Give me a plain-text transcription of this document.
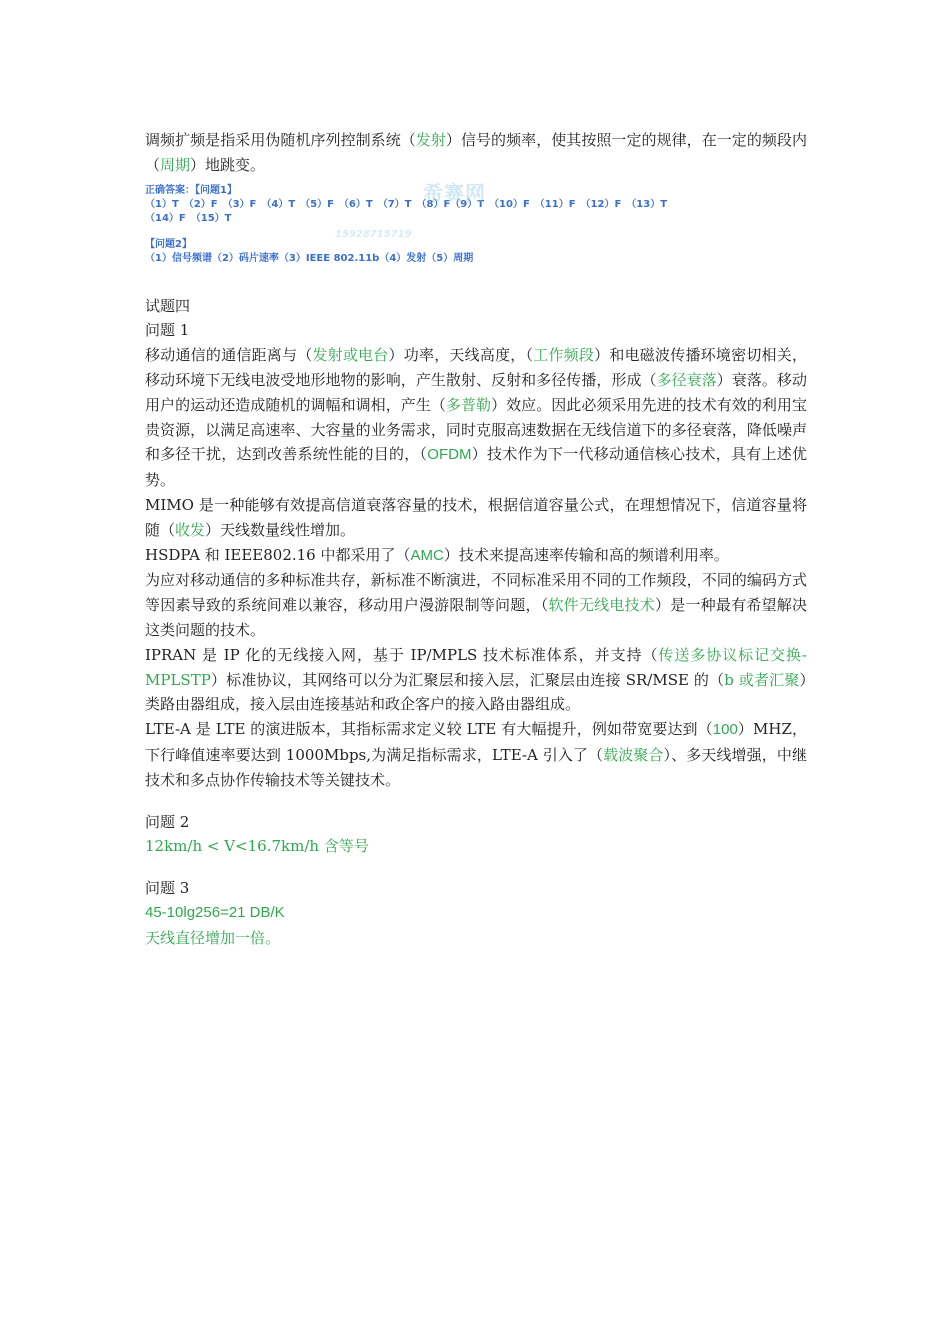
调频扩频是指采用伪随机序列控制系统（发射）信号的频率，使其按照一定的规律，在一定的频段内（周期）地跳变。

希赛网
15928715719
正确答案：【问题1】
（1）T　（2）F　（3）F　（4）T　（5）F　（6）T　（7）T　（8）F（9）T　（10）F　（11）F　（12）F　（13）T
（14）F　（15）T
【问题2】
（1）信号频谱（2）码片速率（3）IEEE 802.11b（4）发射（5）周期

试题四

问题 1

移动通信的通信距离与（发射或电台）功率，天线高度，（工作频段）和电磁波传播环境密切相关，移动环境下无线电波受地形地物的影响，产生散射、反射和多径传播，形成（多径衰落）衰落。移动用户的运动还造成随机的调幅和调相，产生（多普勒）效应。因此必须采用先进的技术有效的利用宝贵资源，以满足高速率、大容量的业务需求，同时克服高速数据在无线信道下的多径衰落，降低噪声和多径干扰，达到改善系统性能的目的，（OFDM）技术作为下一代移动通信核心技术，具有上述优势。

MIMO 是一种能够有效提高信道衰落容量的技术，根据信道容量公式，在理想情况下，信道容量将随（收发）天线数量线性增加。

HSDPA 和 IEEE802.16 中都采用了（AMC）技术来提高速率传输和高的频谱利用率。

为应对移动通信的多种标准共存，新标准不断演进，不同标准采用不同的工作频段，不同的编码方式等因素导致的系统间难以兼容，移动用户漫游限制等问题，（软件无线电技术）是一种最有希望解决这类问题的技术。

IPRAN 是 IP 化的无线接入网，基于 IP/MPLS 技术标准体系，并支持（传送多协议标记交换-MPLSTP）标准协议，其网络可以分为汇聚层和接入层，汇聚层由连接 SR/MSE 的（b 或者汇聚）类路由器组成，接入层由连接基站和政企客户的接入路由器组成。

LTE-A 是 LTE 的演进版本，其指标需求定义较 LTE 有大幅提升，例如带宽要达到（100）MHZ，下行峰值速率要达到 1000Mbps,为满足指标需求，LTE-A 引入了（载波聚合）、多天线增强，中继技术和多点协作传输技术等关键技术。

问题 2

12km/h < V<16.7km/h 含等号

问题 3

45-10lg256=21 DB/K

天线直径增加一倍。
